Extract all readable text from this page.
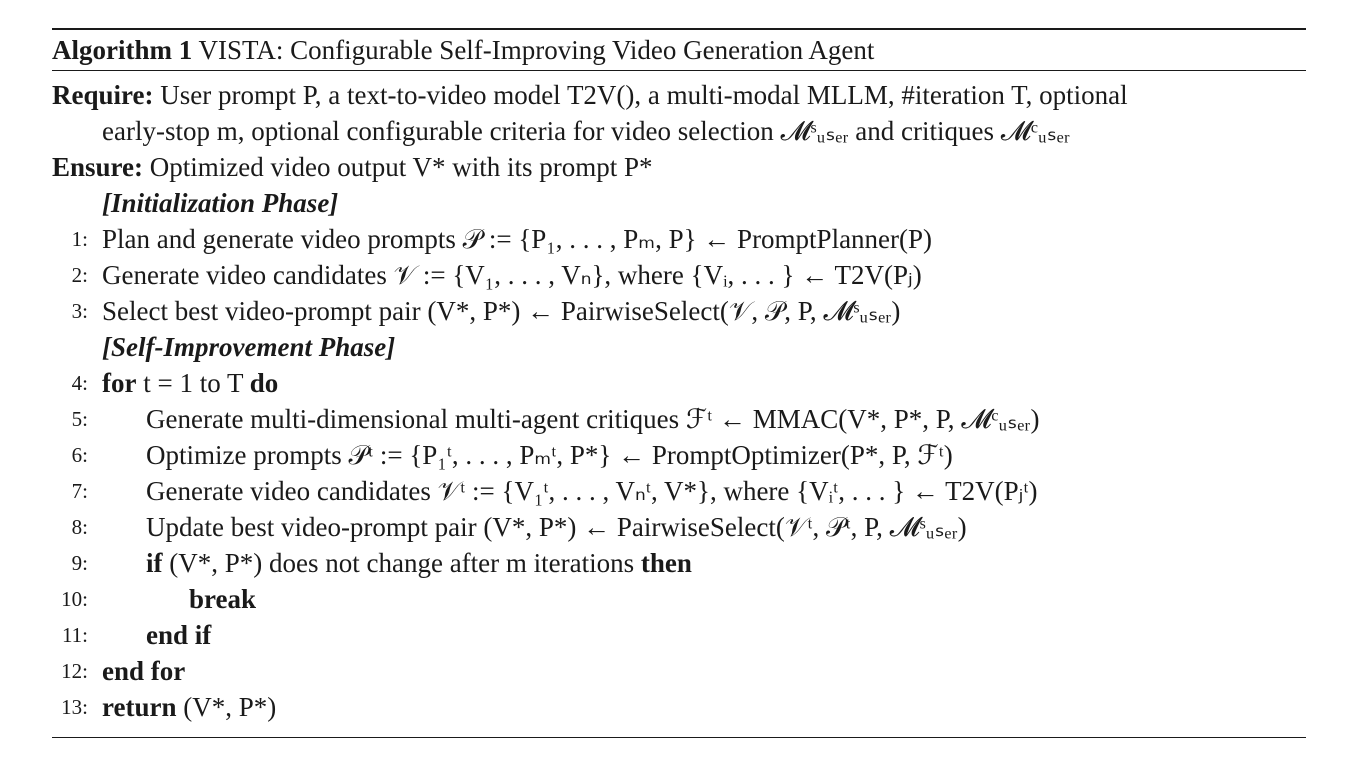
Algorithm 1 VISTA: Configurable Self-Improving Video Generation Agent
Require: User prompt P, a text-to-video model T2V(), a multi-modal MLLM, #iteration T, optional
early-stop m, optional configurable criteria for video selection 𝓜ˢᵤₛₑᵣ and critiques 𝓜ᶜᵤₛₑᵣ
Ensure: Optimized video output V* with its prompt P*
[Initialization Phase]
1: Plan and generate video prompts 𝒫 := {P₁, . . . , Pₘ, P} ← PromptPlanner(P)
2: Generate video candidates 𝒱 := {V₁, . . . , Vₙ}, where {Vᵢ, . . . } ← T2V(Pⱼ)
3: Select best video-prompt pair (V*, P*) ← PairwiseSelect(𝒱, 𝒫, P, 𝓜ˢᵤₛₑᵣ)
[Self-Improvement Phase]
4: for t = 1 to T do
5: Generate multi-dimensional multi-agent critiques ℱᵗ ← MMAC(V*, P*, P, 𝓜ᶜᵤₛₑᵣ)
6: Optimize prompts 𝒫ᵗ := {P₁ᵗ, . . . , Pₘᵗ, P*} ← PromptOptimizer(P*, P, ℱᵗ)
7: Generate video candidates 𝒱ᵗ := {V₁ᵗ, . . . , Vₙᵗ, V*}, where {Vᵢᵗ, . . . } ← T2V(Pⱼᵗ)
8: Update best video-prompt pair (V*, P*) ← PairwiseSelect(𝒱ᵗ, 𝒫ᵗ, P, 𝓜ˢᵤₛₑᵣ)
9: if (V*, P*) does not change after m iterations then
10:	break
11: end if
12: end for
13: return (V*, P*)
